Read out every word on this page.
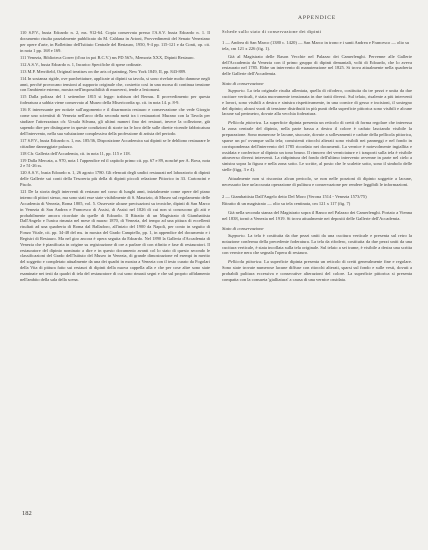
110 S.P.V., busta Edoardo n. 2, ms. 912-64. Copia conservata presso l'A.S.V. busta Edoardo n. 1. Il documento risulta parzialmente pubblicato da M. Caldana in Artoni, Provvedimenti del Senato Veneziano per opere d'arte, in Bollettino dell'Istituto Centrale del Restauro, 1950, 9-4 pp. 115-121 e da Conti, op. cit. in nota 1 pp. 168 e 169.

111 Venezia, Biblioteca Correr (d'ora in poi B.C.V.) ms PD 567c, Memoria XXX, Dipinti Restauro.

112 A.S.V., busta Edoardo n. 1, Incarico Specifiche di spese ordinate.

113 M.P. Merrifield, Original treatises on the arts of painting, New York 1849, II, pp. 843-889.

114 In sostanza rigide, ove parchettature, applicate ai dipinti su tavola, si sono rivelate molto dannose negli anni, perché provocano tensioni al supporto originale che, costretto così in una morsa di continua tensione con l'ambiente esterno, mostra nell'impossibilità di muoversi, tende a lesionarsi.

115 Dalla polizza del 1 settembre 1815 si legge: trabison del Bernas. Il provvedimento per questa foderatura a sabbia viene conservato al Museo della Misericordia sp. cit. in nota 14. p. 8-9.

116 E interessante per notizie sull'argomento e il disarmonia restauro e conservazione che vede Giorgio come uno scientisti di Venezia nell'arco della seconda metà tra i restauratori Murano con la Tavola per studiare l'attrezzatura cfr. Ursula Silvana, gli ultimi numeri fino dei restauri, invece la collezione, già sapendo dire per distinguere in queste condizioni di storie tra le loro delle sulle dirette vicende fabbricatura dell'intervento, nella sua valutazione complessiva della professione di artista del periodo.

117 S.P.V., busta Edoardo n. 1, ms. 185/36, Disposizione Accademica sui dipinti se le dehliono restaurare le cittadine danneggiate palazzo.

118 Cfr. Galleria dell'Accademia, cit. in nota 11, pp. 115 e 118.

119 Dalla Mercata, a. 970, nota 1 l'appendice ed il capitolo primo cit. pp. 67 e 89, nonché per A. Bova, nota 2 e 51-26 ss.

120 A.S.V., busta Edoardo n. 1, 26 agosto 1780. Gli elencati degli undici restaurati nel laboratorio di dipinti delle Gallerie sui conti della Tesoreria più della di dipinti piccoli relazione Pittorico in 33. Cartoncini e Pisolo.

121 De la storia degli interventi di restauro nel corso di lunghi anni, inizialmente come opere del piano interno di pittori stesso, ma sono stati esse state visibilmente di S. Maurizio, di Museo sul regolamento delle Accademia di Venezia, Roma 1805, vol. 5. Osservate alcune precisazioni su tecniche, dipinti di San Marco in Venezia di San Andrea e Francesco di Assisi, di Assisi nel 1826 di cui non si conoscono gli atti e probabilmente ancora ricordate da quelle di Edoardo. Il Ritratto di un Magistrato di Giambattista Dall'Angelo e l'unica rimasta nel mese di marzo 1870, di Venezia, del tempo ad una pittura di eccellenti risultati ad una quadreria di Roma dal Balladoro, all'inizio del 1900 da Napoli, per conto in seguito di Fonzo Vitale, cit. pp. 34-48 del ms. in mostra del Grado Campiello, pp. 1, in appendice del documento e i Registri di Restauro. Ma nel giro ancora è opera seguita da Edoardo. Nel 1890 la Galleria d'Accademia di Venezia che è pianificata in origine su registrazione di ore a parlare di con rifinito e fase di restauratori. Il restauratore del dipinto nominato a dire e in questo documento avanti col lo stato di questo secondo le classificazioni del Grado dell'Istituto del Museo in Venezia, di grande dimostrazione ed esempi in merito del soggetto e completato attualmente da una dei quadri in mostra a Venezia con il testo curato da Fogolari della Vita di pittura fatto sui restauri di dipinti della nuova cappella alla e che per cose altre sono state esaminate nei testi da quadri di tela del restauratore di cui sono rimasti segni e che sul proprio affidamento nell'ambito della sala della scena.

APPENDICE
Schede sullo stato di conservazione dei dipinti
1 — Andrea di San Marco (1380 c. 1420) — San Marco in trono e i santi Andrea e Francesco — olio su tela, cm 121 x 226 (fig. 1).

Già al Magistrato delle Rason Vecchie nel Palazzo dei Camerlenghi. Pervenne alle Gallerie dell'Accademia da Venezia con il primo gruppo di dipinti demaniali, volti di Edoardo, che lo aveva restaurato nel 1785. Ebbe un intervento di manutenzione nel 1825. Si trova attualmente nella quadreria delle Gallerie dell'Accademia.

Stato di conservazione

Supporto. La tela originale risulta allentata, quella di rifodero, costituita da tre pezzi e unita da due cuciture verticali, è stata nuovamente tensionata in due tratti diversi. Sul telaio, risalente a più interventi e lavori, sono visibili a destra e sinistra rispettivamente, in una cornice di gesso e incisioni, il sostegno del dipinto; alcuni vuoti di tensione distribuiti in più punti della superficie pittorica sono visibili e alcune lacune sul perimetro, dovute alla vecchia foderatura.

Pellicola pittorica. La superficie dipinta presenta un reticolo di cretti di forma regolare che interessa la zona centrale del dipinto, nella parte bassa a destra il colore è caduto lasciando visibile la preparazione. Sono numerose le lacune, stuccate, dovute a sollevamenti e cadute della pellicola pittorica, sparse un po' ovunque sulla tela; consistenti ritocchi alterati sono visibili nei panneggi e nel fondo in corrispondenza dell'intervento del 1785 ricordato nei documenti. La vernice è notevolmente ingiallita e ossidata e conferisce al dipinto un tono bruno. Il rinnovo dei verniciature e i trasporti sulla tela è visibile attraverso diversi interventi. La ridipintura del fondo dell'ultimo intervento avvenne in parte nel cielo a sinistra sopra la figura e nella zona sotto. Le scritte, al posto che le scalette sotto, sono il simbolo delle stelle (figg. 3 e 4).

Attualmente non si riscontra alcun pericolo, se non nelle porzioni di dipinto soggette a lacune, necessario fare un'accurata operazione di pulitura e conservazione per rendere leggibili le informazioni.

2 — Giambattista Dall'Angelo detto Del Moro (Verona 1514 - Venezia 1573/75)
Ritratto di un magistrato — olio su tela centinata, cm 121 x 117 (fig. 7)

Già nella seconda stanza del Magistrato sopra il Banco nel Palazzo dei Camerlenghi. Portato a Vienna nel 1838, tornò a Venezia nel 1919. Si trova attualmente nei depositi delle Gallerie dell'Accademia.

Stato di conservazione

Supporto. La tela è costituita da due pezzi uniti da una cucitura verticale e presenta sul retro la notazione conferma della precedente foderatura. La tela da rifodero, costituita da due pezzi uniti da una cucitura verticale, è stata incollata sulla tela originale. Sul telaio a sei trame, è visibile a destra una scritta con vernice nera che segnala l'opera di restauro.

Pellicola pittorica. La superficie dipinta presenta un reticolo di cretti generalmente fine e regolare. Sono state trovate numerose lacune diffuse con ritocchi alterati, sparsi sul fondo e sulle vesti, dovuti a probabili pulitura eccessiva e consecutive alterazioni del colore. La superficie pittorica si presenta compatta con la consueta 'gialliatura' a causa di una vernice ossidata.

182
